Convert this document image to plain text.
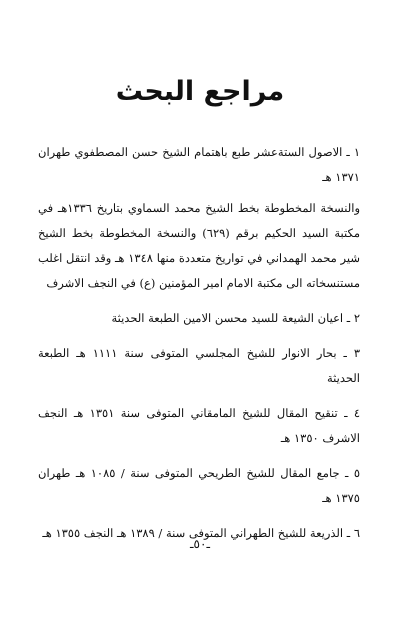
مراجع البحث
١ ـ الاصول الستةعشر طبع باهتمام الشيخ حسن المصطفوي طهران ١٣٧١ هـ
والنسخة المخطوطة بخط الشيخ محمد السماوي بتاريخ ١٣٣٦هـ في مكتبة السيد الحكيم برقم (٦٢٩) والنسخة المخطوطة بخط الشيخ شير محمد الهمداني في تواريخ متعددة منها ١٣٤٨ هـ وقد انتقل اغلب مستنسخاته الى مكتبة الامام امير المؤمنين (ع) في النجف الاشرف
٢ ـ اعيان الشيعة للسيد محسن الامين الطبعة الحديثة
٣ ـ بحار الانوار للشيخ المجلسي المتوفى سنة ١١١١ هـ الطبعة الحديثة
٤ ـ تنقيح المقال للشيخ المامقاني المتوفى سنة ١٣٥١ هـ النجف الاشرف ١٣٥٠ هـ
٥ ـ جامع المقال للشيخ الطريحي المتوفى سنة / ١٠٨٥ هـ طهران ١٣٧٥ هـ
٦ ـ الذريعة للشيخ الطهراني المتوفى سنة / ١٣٨٩ هـ النجف ١٣٥٥ هـ
ـ٥٠ـ
